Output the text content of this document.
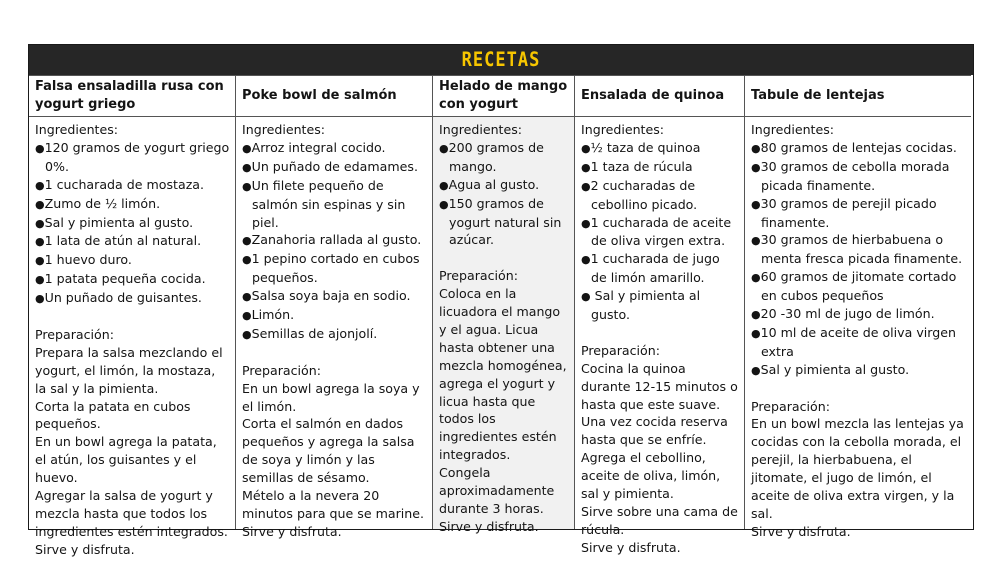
RECETAS
Falsa ensaladilla rusa con yogurt griego
Ingredientes:
● 120 gramos de yogurt griego 0%.
● 1 cucharada de mostaza.
● Zumo de ½ limón.
● Sal y pimienta al gusto.
● 1 lata de atún al natural.
● 1 huevo duro.
● 1 patata pequeña cocida.
● Un puñado de guisantes.
Preparación:

Prepara la salsa mezclando el yogurt, el limón, la mostaza, la sal y la pimienta.

Corta la patata en cubos pequeños.

En un bowl agrega la patata, el atún, los guisantes y el huevo.

Agregar la salsa de yogurt y mezcla hasta que todos los ingredientes estén integrados.

Sirve y disfruta.

Poke bowl de salmón
Ingredientes:
● Arroz integral cocido.
● Un puñado de edamames.
● Un filete pequeño de salmón sin espinas y sin piel.
● Zanahoria rallada al gusto.
● 1 pepino cortado en cubos pequeños.
● Salsa soya baja en sodio.
● Limón.
● Semillas de ajonjolí.
Preparación:

En un bowl agrega la soya y el limón.

Corta el salmón en dados pequeños y agrega la salsa de soya y limón y las semillas de sésamo.

Mételo a la nevera 20 minutos para que se marine.

Sirve y disfruta.

Helado de mango con yogurt
Ingredientes:
● 200 gramos de mango.
● Agua al gusto.
● 150 gramos de yogurt natural sin azúcar.
Preparación:

Coloca en la licuadora el mango y el agua. Licua hasta obtener una mezcla homogénea, agrega el yogurt y licua hasta que todos los ingredientes estén integrados.

Congela aproximadamente durante 3 horas.

Sirve y disfruta.

Ensalada de quinoa
Ingredientes:
● ½ taza de quinoa
● 1 taza de rúcula
● 2 cucharadas de cebollino picado.
● 1 cucharada de aceite de oliva virgen extra.
● 1 cucharada de jugo de limón amarillo.
● Sal y pimienta al gusto.
Preparación:

Cocina la quinoa durante 12-15 minutos o hasta que este suave. Una vez cocida reserva hasta que se enfríe.

Agrega el cebollino, aceite de oliva, limón, sal y pimienta.

Sirve sobre una cama de rúcula.

Sirve y disfruta.

Tabule de lentejas
Ingredientes:
● 80 gramos de lentejas cocidas.
● 30 gramos de cebolla morada picada finamente.
● 30 gramos de perejil picado finamente.
● 30 gramos de hierbabuena o menta fresca picada finamente.
● 60 gramos de jitomate cortado en cubos pequeños
● 20 -30 ml de jugo de limón.
● 10 ml de aceite de oliva virgen extra
● Sal y pimienta al gusto.
Preparación:

En un bowl mezcla las lentejas ya cocidas con la cebolla morada, el perejil, la hierbabuena, el jitomate, el jugo de limón, el aceite de oliva extra virgen, y la sal.

Sirve y disfruta.
